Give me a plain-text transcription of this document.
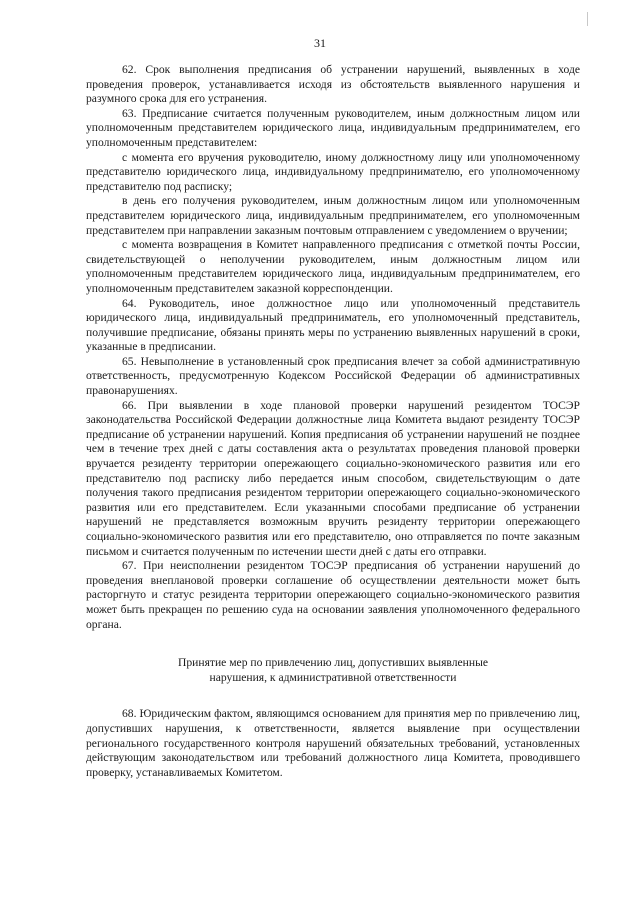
31

62. Срок выполнения предписания об устранении нарушений, выявленных в ходе проведения проверок, устанавливается исходя из обстоятельств выявленного нарушения и разумного срока для его устранения.

63. Предписание считается полученным руководителем, иным должностным лицом или уполномоченным представителем юридического лица, индивидуальным предпринимателем, его уполномоченным представителем:

с момента его вручения руководителю, иному должностному лицу или уполномоченному представителю юридического лица, индивидуальному предпринимателю, его уполномоченному представителю под расписку;

в день его получения руководителем, иным должностным лицом или уполномоченным представителем юридического лица, индивидуальным предпринимателем, его уполномоченным представителем при направлении заказным почтовым отправлением с уведомлением о вручении;

с момента возвращения в Комитет направленного предписания с отметкой почты России, свидетельствующей о неполучении руководителем, иным должностным лицом или уполномоченным представителем юридического лица, индивидуальным предпринимателем, его уполномоченным представителем заказной корреспонденции.

64. Руководитель, иное должностное лицо или уполномоченный представитель юридического лица, индивидуальный предприниматель, его уполномоченный представитель, получившие предписание, обязаны принять меры по устранению выявленных нарушений в сроки, указанные в предписании.

65. Невыполнение в установленный срок предписания влечет за собой административную ответственность, предусмотренную Кодексом Российской Федерации об административных правонарушениях.

66. При выявлении в ходе плановой проверки нарушений резидентом ТОСЭР законодательства Российской Федерации должностные лица Комитета выдают резиденту ТОСЭР предписание об устранении нарушений. Копия предписания об устранении нарушений не позднее чем в течение трех дней с даты составления акта о результатах проведения плановой проверки вручается резиденту территории опережающего социально-экономического развития или его представителю под расписку либо передается иным способом, свидетельствующим о дате получения такого предписания резидентом территории опережающего социально-экономического развития или его представителем. Если указанными способами предписание об устранении нарушений не представляется возможным вручить резиденту территории опережающего социально-экономического развития или его представителю, оно отправляется по почте заказным письмом и считается полученным по истечении шести дней с даты его отправки.

67. При неисполнении резидентом ТОСЭР предписания об устранении нарушений до проведения внеплановой проверки соглашение об осуществлении деятельности может быть расторгнуто и статус резидента территории опережающего социально-экономического развития может быть прекращен по решению суда на основании заявления уполномоченного федерального органа.

Принятие мер по привлечению лиц, допустивших выявленные
нарушения, к административной ответственности

68. Юридическим фактом, являющимся основанием для принятия мер по привлечению лиц, допустивших нарушения, к ответственности, является выявление при осуществлении регионального государственного контроля нарушений обязательных требований, установленных действующим законодательством или требований должностного лица Комитета, проводившего проверку, устанавливаемых Комитетом.
